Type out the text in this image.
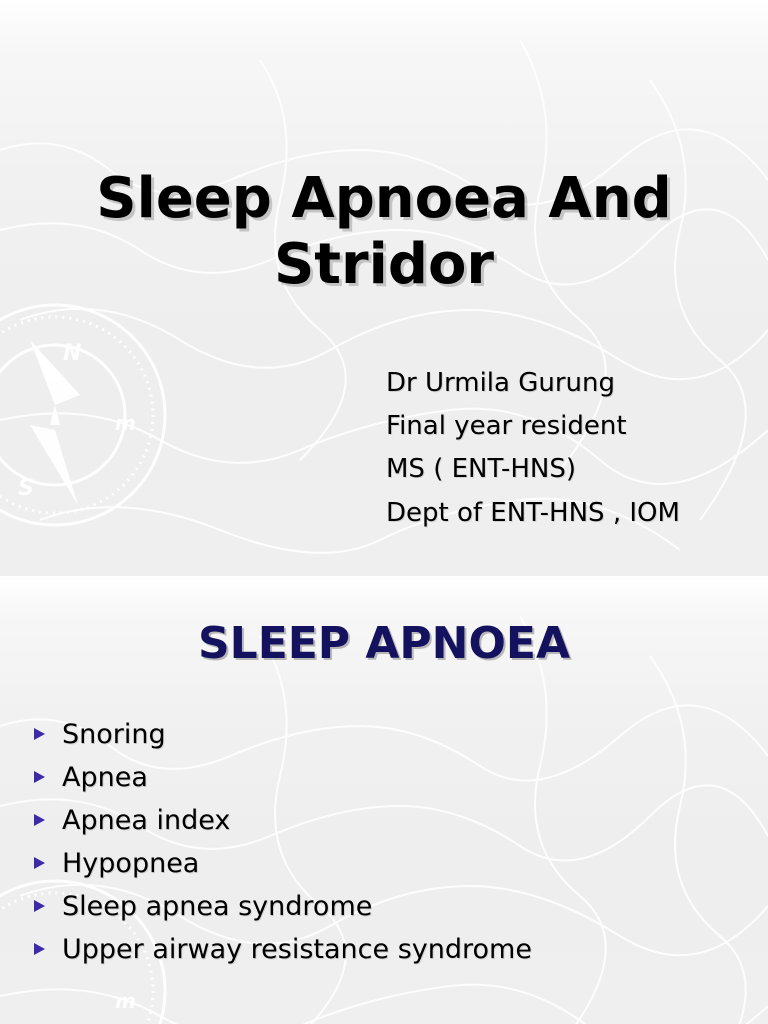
N
S
m
Sleep Apnoea And Stridor
Dr Urmila Gurung
Final year resident
MS ( ENT-HNS)
Dept of ENT-HNS , IOM
m
SLEEP APNOEA
Snoring
Apnea
Apnea index
Hypopnea
Sleep apnea syndrome
Upper airway resistance syndrome
